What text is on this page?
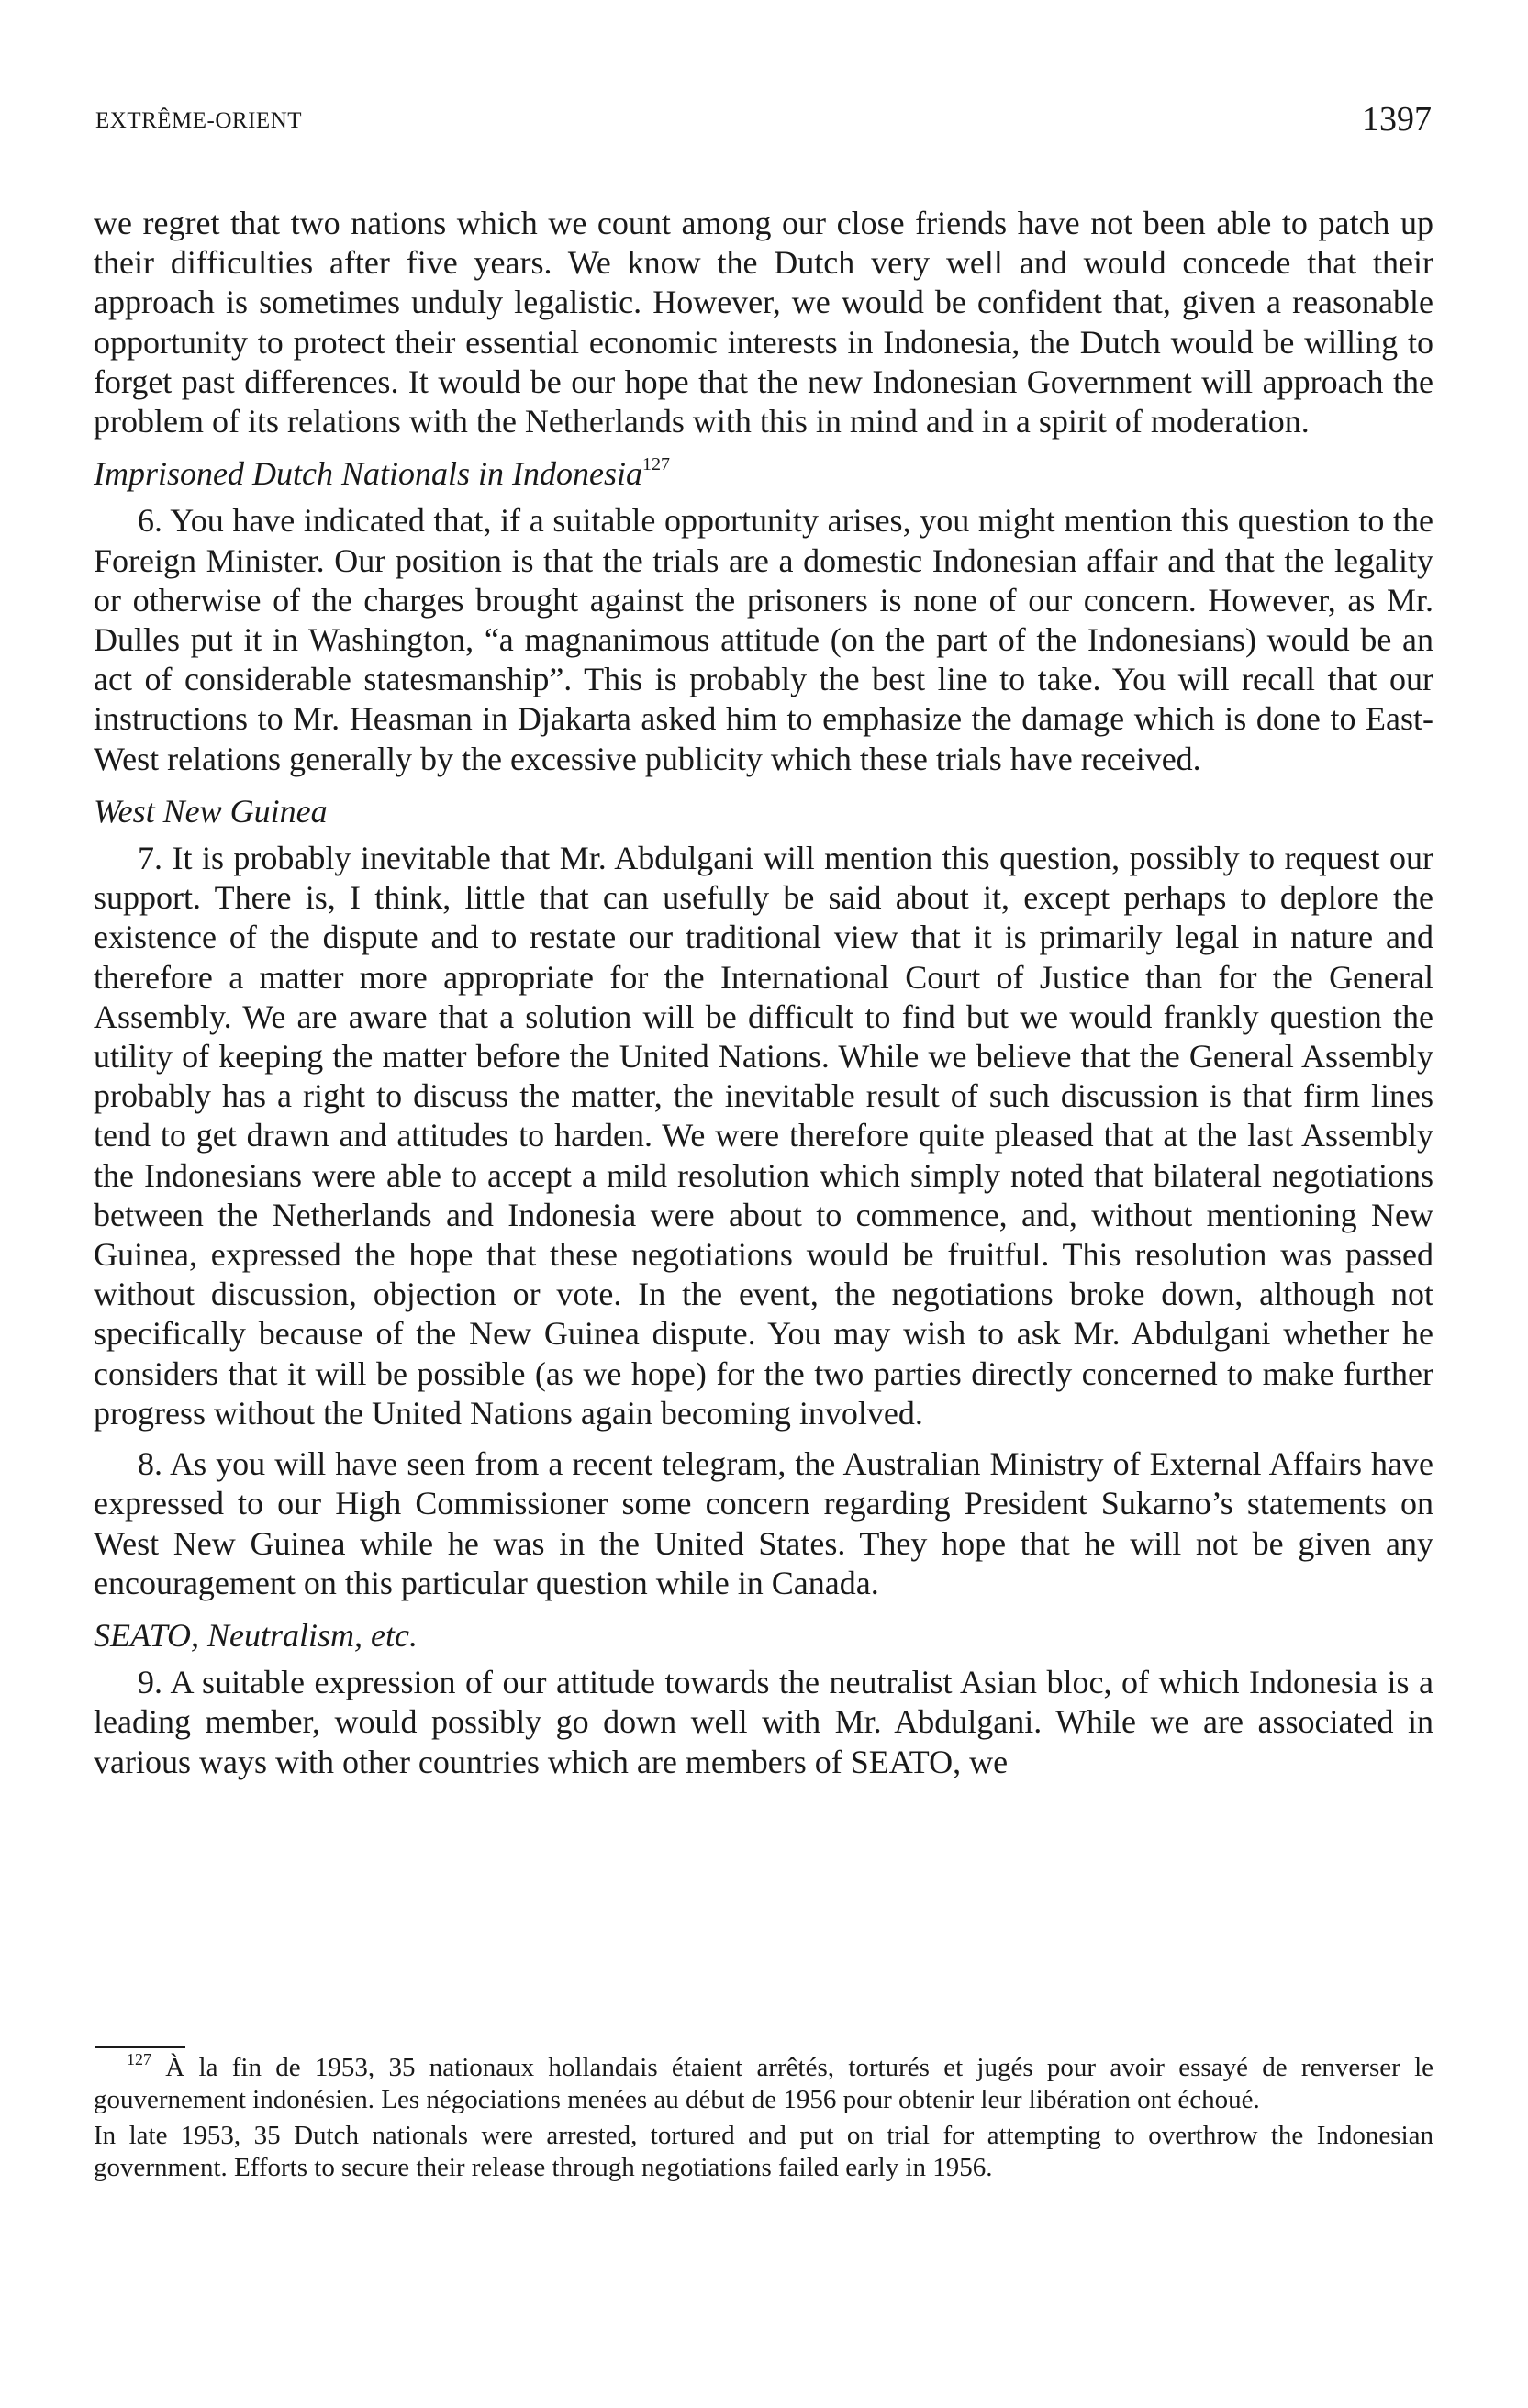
EXTRÊME-ORIENT	1397

we regret that two nations which we count among our close friends have not been able to patch up their difficulties after five years. We know the Dutch very well and would concede that their approach is sometimes unduly legalistic. However, we would be confident that, given a reasonable opportunity to protect their essential economic interests in Indonesia, the Dutch would be willing to forget past differences. It would be our hope that the new Indonesian Government will approach the problem of its relations with the Netherlands with this in mind and in a spirit of moderation.

Imprisoned Dutch Nationals in Indonesia$^{127}$

6. You have indicated that, if a suitable opportunity arises, you might mention this question to the Foreign Minister. Our position is that the trials are a domestic Indonesian affair and that the legality or otherwise of the charges brought against the prisoners is none of our concern. However, as Mr. Dulles put it in Washington, “a magnanimous attitude (on the part of the Indonesians) would be an act of considerable statesmanship”. This is probably the best line to take. You will recall that our instructions to Mr. Heasman in Djakarta asked him to emphasize the damage which is done to East-West relations generally by the excessive publicity which these trials have received.

West New Guinea

7. It is probably inevitable that Mr. Abdulgani will mention this question, possibly to request our support. There is, I think, little that can usefully be said about it, except perhaps to deplore the existence of the dispute and to restate our traditional view that it is primarily legal in nature and therefore a matter more appropriate for the International Court of Justice than for the General Assembly. We are aware that a solution will be difficult to find but we would frankly question the utility of keeping the matter before the United Nations. While we believe that the General Assembly probably has a right to discuss the matter, the inevitable result of such discussion is that firm lines tend to get drawn and attitudes to harden. We were therefore quite pleased that at the last Assembly the Indonesians were able to accept a mild resolution which simply noted that bilateral negotiations between the Netherlands and Indonesia were about to commence, and, without mentioning New Guinea, expressed the hope that these negotiations would be fruitful. This resolution was passed without discussion, objection or vote. In the event, the negotiations broke down, although not specifically because of the New Guinea dispute. You may wish to ask Mr. Abdulgani whether he considers that it will be possible (as we hope) for the two parties directly concerned to make further progress without the United Nations again becoming involved.

8. As you will have seen from a recent telegram, the Australian Ministry of External Affairs have expressed to our High Commissioner some concern regarding President Sukarno’s statements on West New Guinea while he was in the United States. They hope that he will not be given any encouragement on this particular question while in Canada.

SEATO, Neutralism, etc.

9. A suitable expression of our attitude towards the neutralist Asian bloc, of which Indonesia is a leading member, would possibly go down well with Mr. Abdulgani. While we are associated in various ways with other countries which are members of SEATO, we

$^{127}$ À la fin de 1953, 35 nationaux hollandais étaient arrêtés, torturés et jugés pour avoir essayé de renverser le gouvernement indonésien. Les négociations menées au début de 1956 pour obtenir leur libération ont échoué.

In late 1953, 35 Dutch nationals were arrested, tortured and put on trial for attempting to overthrow the Indonesian government. Efforts to secure their release through negotiations failed early in 1956.
